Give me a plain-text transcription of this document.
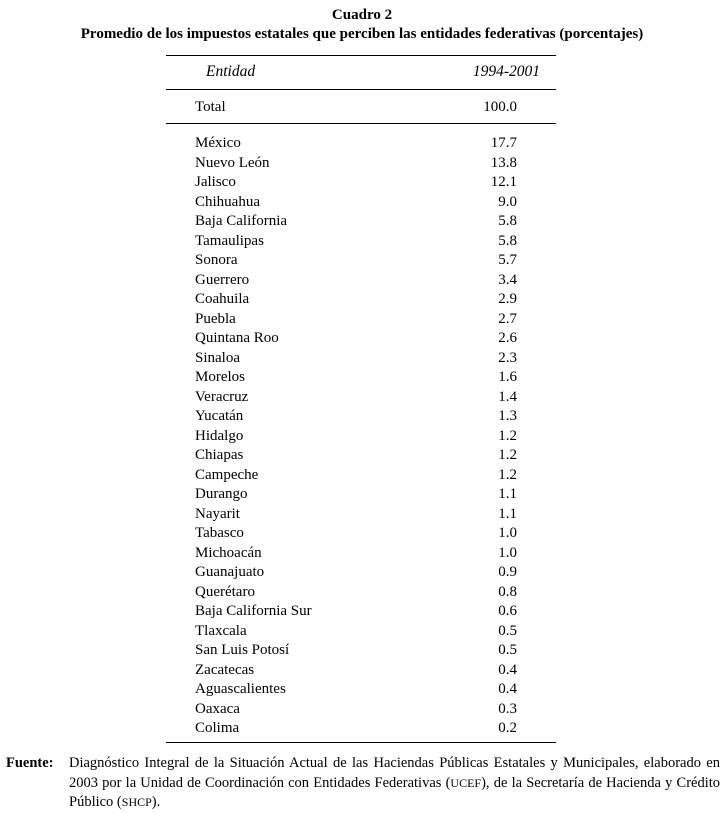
Cuadro 2
Promedio de los impuestos estatales que perciben las entidades federativas (porcentajes)
Entidad	1994-2001
Total	100.0
México	17.7
Nuevo León	13.8
Jalisco	12.1
Chihuahua	9.0
Baja California	5.8
Tamaulipas	5.8
Sonora	5.7
Guerrero	3.4
Coahuila	2.9
Puebla	2.7
Quintana Roo	2.6
Sinaloa	2.3
Morelos	1.6
Veracruz	1.4
Yucatán	1.3
Hidalgo	1.2
Chiapas	1.2
Campeche	1.2
Durango	1.1
Nayarit	1.1
Tabasco	1.0
Michoacán	1.0
Guanajuato	0.9
Querétaro	0.8
Baja California Sur	0.6
Tlaxcala	0.5
San Luis Potosí	0.5
Zacatecas	0.4
Aguascalientes	0.4
Oaxaca	0.3
Colima	0.2
Fuente: Diagnóstico Integral de la Situación Actual de las Haciendas Públicas Estatales y Municipales, elaborado en 2003 por la Unidad de Coordinación con Entidades Federativas (UCEF), de la Secretaría de Hacienda y Crédito Público (SHCP).
